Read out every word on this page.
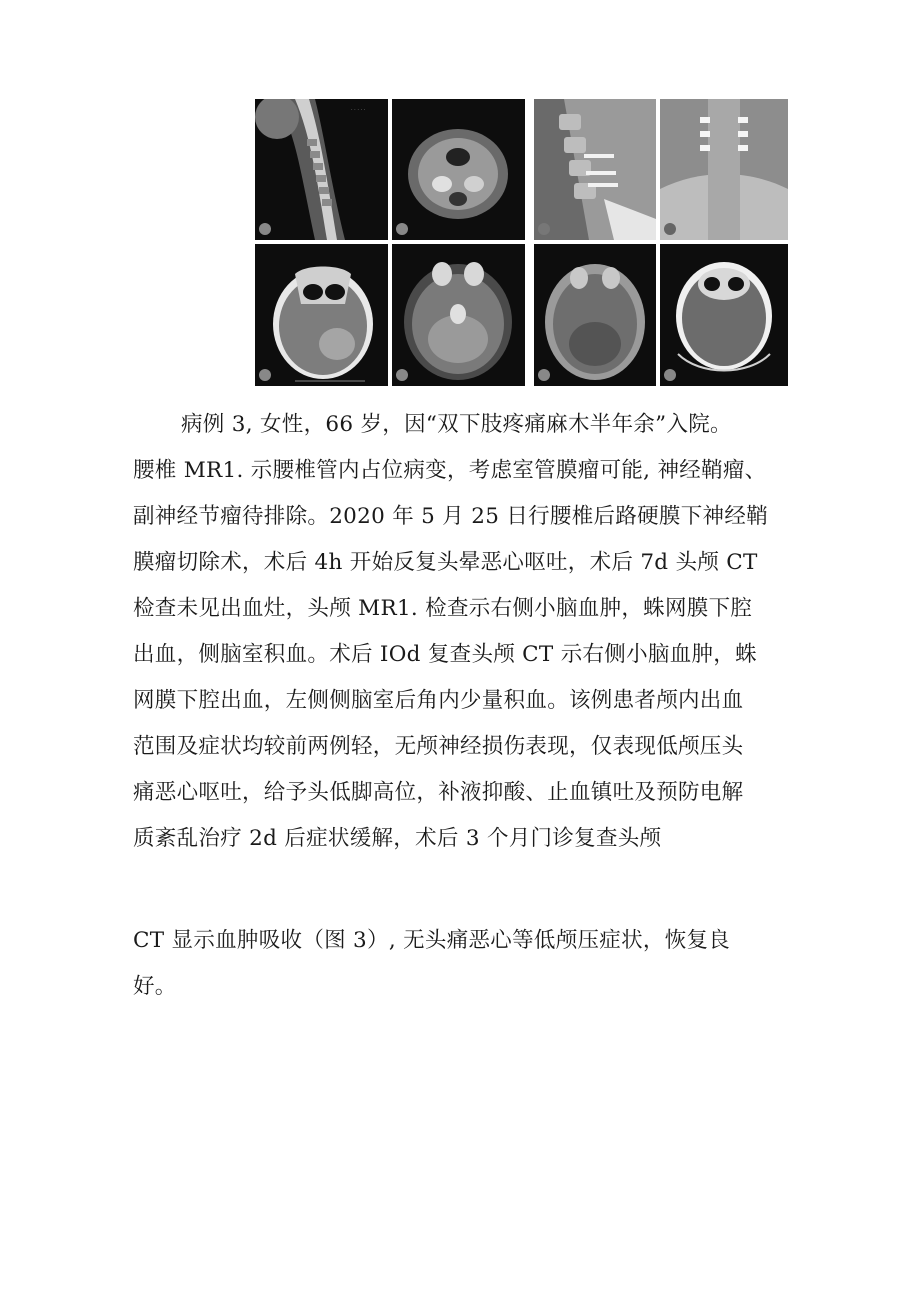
· · · · ·
病例 3, 女性，66 岁，因“双下肢疼痛麻木半年余”入院。
腰椎 MR1. 示腰椎管内占位病变，考虑室管膜瘤可能, 神经鞘瘤、
副神经节瘤待排除。2020 年 5 月 25 日行腰椎后路硬膜下神经鞘
膜瘤切除术，术后 4h 开始反复头晕恶心呕吐，术后 7d 头颅 CT
检查未见出血灶，头颅 MR1. 检查示右侧小脑血肿，蛛网膜下腔
出血，侧脑室积血。术后 IOd 复查头颅 CT 示右侧小脑血肿，蛛
网膜下腔出血，左侧侧脑室后角内少量积血。该例患者颅内出血
范围及症状均较前两例轻，无颅神经损伤表现，仅表现低颅压头
痛恶心呕吐，给予头低脚高位，补液抑酸、止血镇吐及预防电解
质紊乱治疗 2d 后症状缓解，术后 3 个月门诊复查头颅
CT 显示血肿吸收（图 3）, 无头痛恶心等低颅压症状，恢复良
好。
